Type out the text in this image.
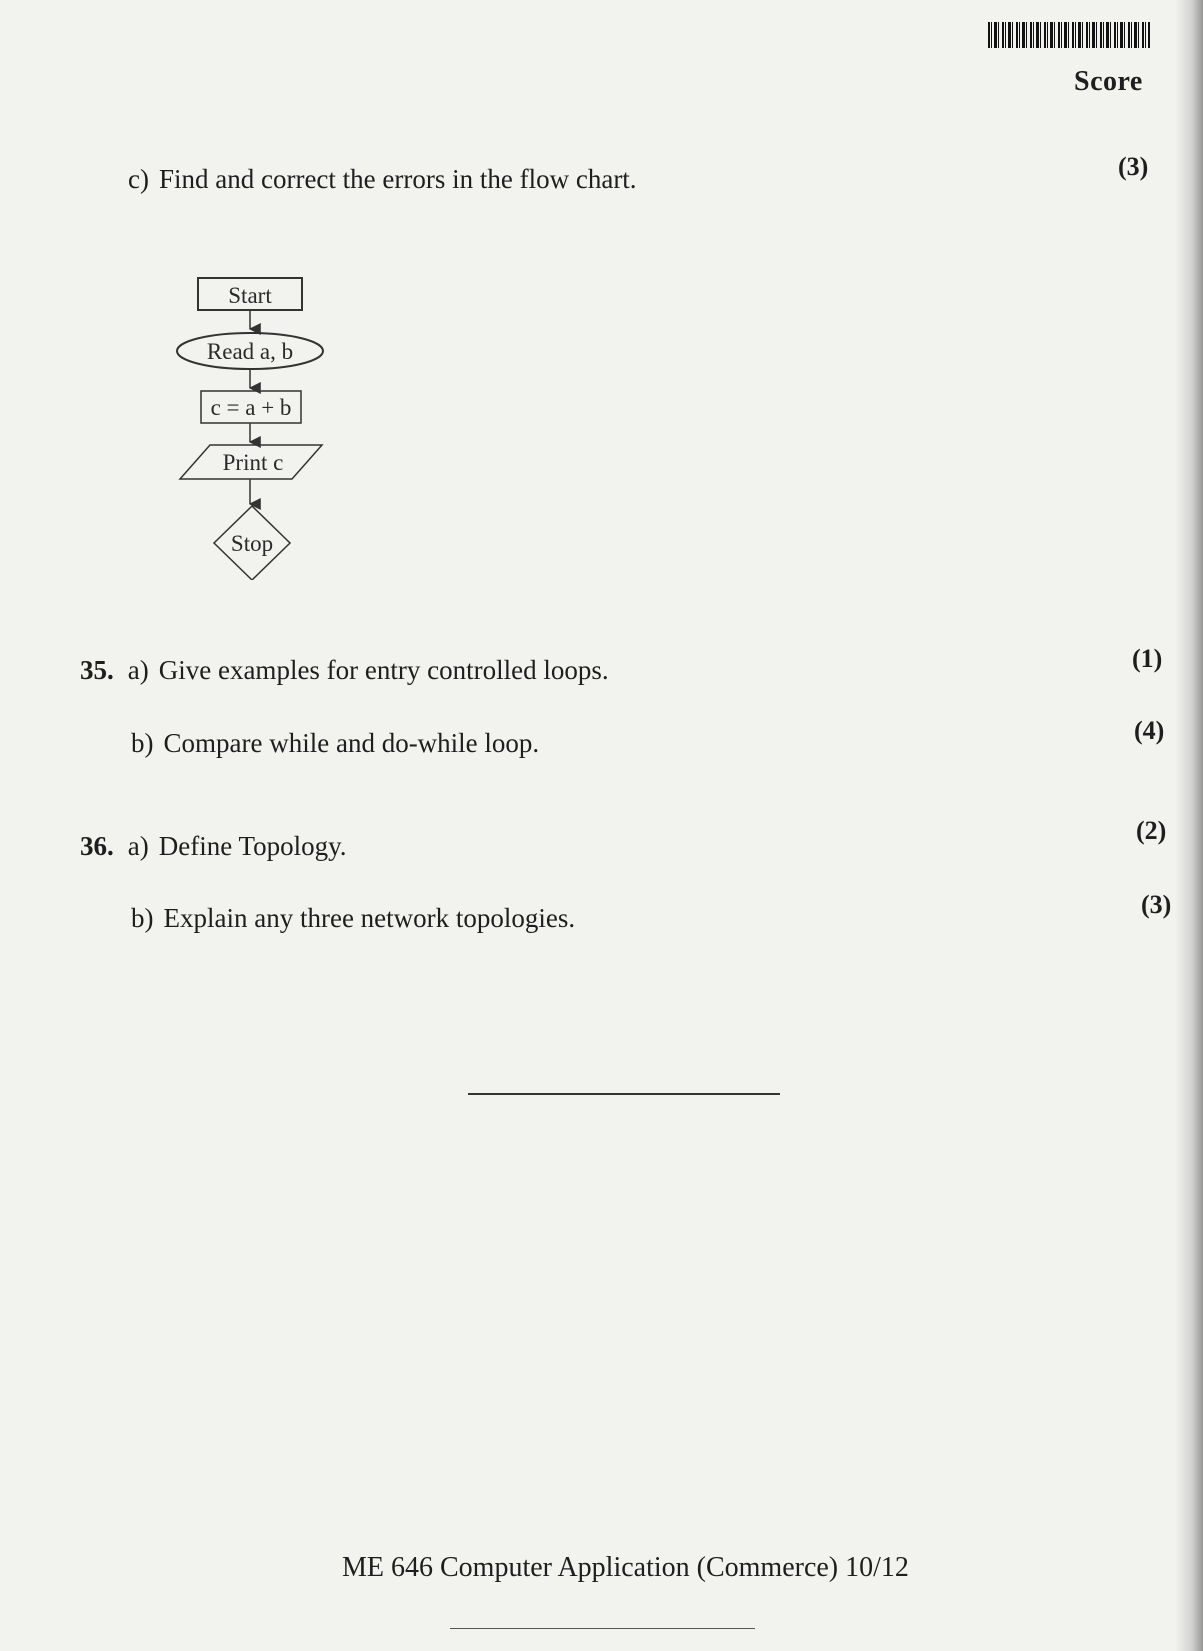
Score
c) Find and correct the errors in the flow chart.	(3)
Start
Read a, b
c = a + b
Print c
Stop
35. a) Give examples for entry controlled loops.	(1)
b) Compare while and do-while loop.	(4)
36. a) Define Topology.
(2)
b) Explain any three network topologies.	(3)
ME 646 Computer Application (Commerce) 10/12
